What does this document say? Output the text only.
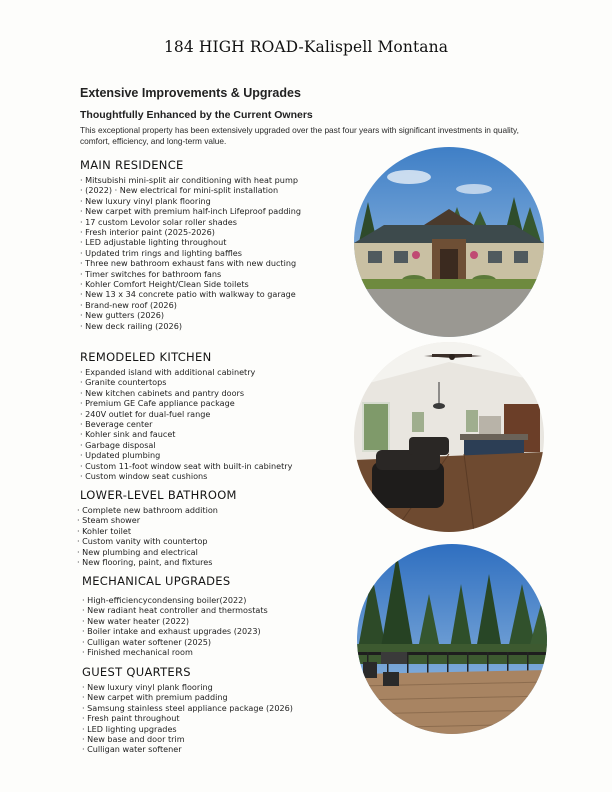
184 HIGH ROAD-Kalispell Montana

Extensive Improvements & Upgrades

Thoughtfully Enhanced by the Current Owners

This exceptional property has been extensively upgraded over the past four years with significant investments in quality, comfort, efficiency, and long-term value.

MAIN RESIDENCE
· Mitsubishi mini-split air conditioning with heat pump
· (2022) · New electrical for mini-split installation
· New luxury vinyl plank flooring
· New carpet with premium half-inch Lifeproof padding
· 17 custom Levolor solar roller shades
· Fresh interior paint (2025-2026)
· LED adjustable lighting throughout
· Updated trim rings and lighting baffles
· Three new bathroom exhaust fans with new ducting
· Timer switches for bathroom fans
· Kohler Comfort Height/Clean Side toilets
· New 13 x 34 concrete patio with walkway to garage
· Brand-new roof (2026)
· New gutters (2026)
· New deck railing (2026)
REMODELED KITCHEN
· Expanded island with additional cabinetry
· Granite countertops
· New kitchen cabinets and pantry doors
· Premium GE Cafe appliance package
· 240V outlet for dual-fuel range
· Beverage center
· Kohler sink and faucet
· Garbage disposal
· Updated plumbing
· Custom 11-foot window seat with built-in cabinetry
· Custom window seat cushions
LOWER-LEVEL BATHROOM
· Complete new bathroom addition
· Steam shower
· Kohler toilet
· Custom vanity with countertop
· New plumbing and electrical
· New flooring, paint, and fixtures
MECHANICAL UPGRADES
· High-efficiencycondensing boiler(2022)
· New radiant heat controller and thermostats
· New water heater (2022)
· Boiler intake and exhaust upgrades (2023)
· Culligan water softener (2025)
· Finished mechanical room
GUEST QUARTERS
· New luxury vinyl plank flooring
· New carpet with premium padding
· Samsung stainless steel appliance package (2026)
· Fresh paint throughout
· LED lighting upgrades
· New base and door trim
· Culligan water softener
